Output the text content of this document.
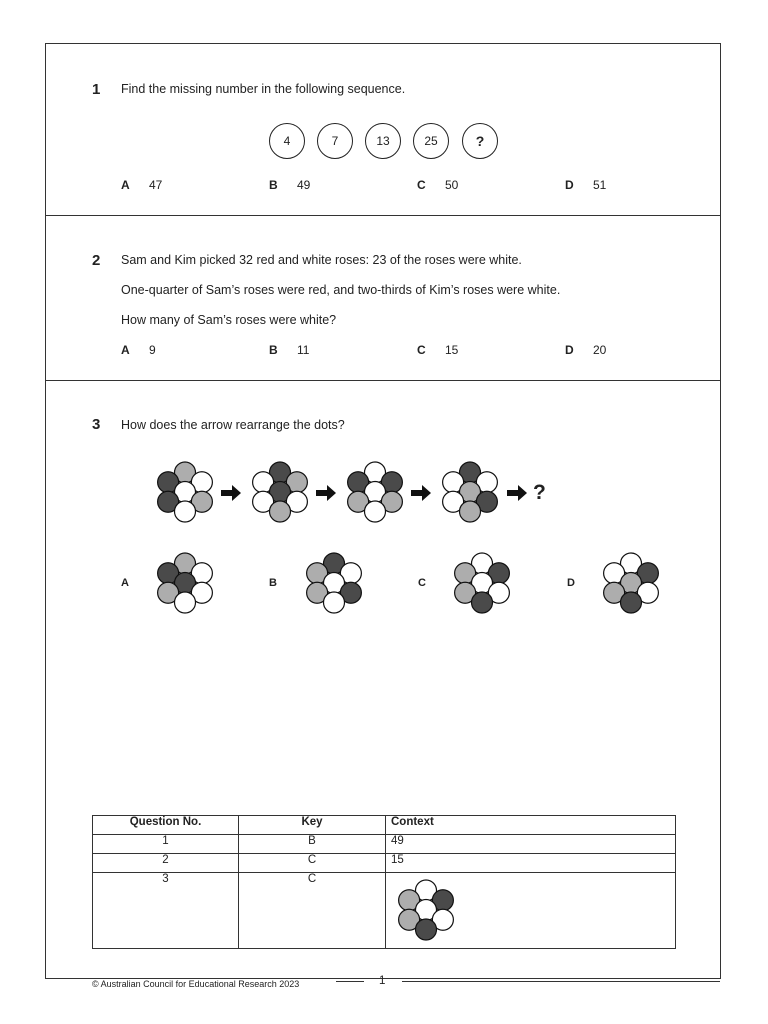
1 Find the missing number in the following sequence.
4	7	13	25	?
A 47	B 49	C 50	D 51
2 Sam and Kim picked 32 red and white roses: 23 of the roses were white.
One-quarter of Sam’s roses were red, and two-thirds of Kim’s roses were white.
How many of Sam’s roses were white?
A 9	B 11	C 15	D 20
3 How does the arrow rearrange the dots?
?
A	B	C	D
Question No.	Key	Context
1	B	49
2	C	15
3	C	
© Australian Council for Educational Research 2023	1
